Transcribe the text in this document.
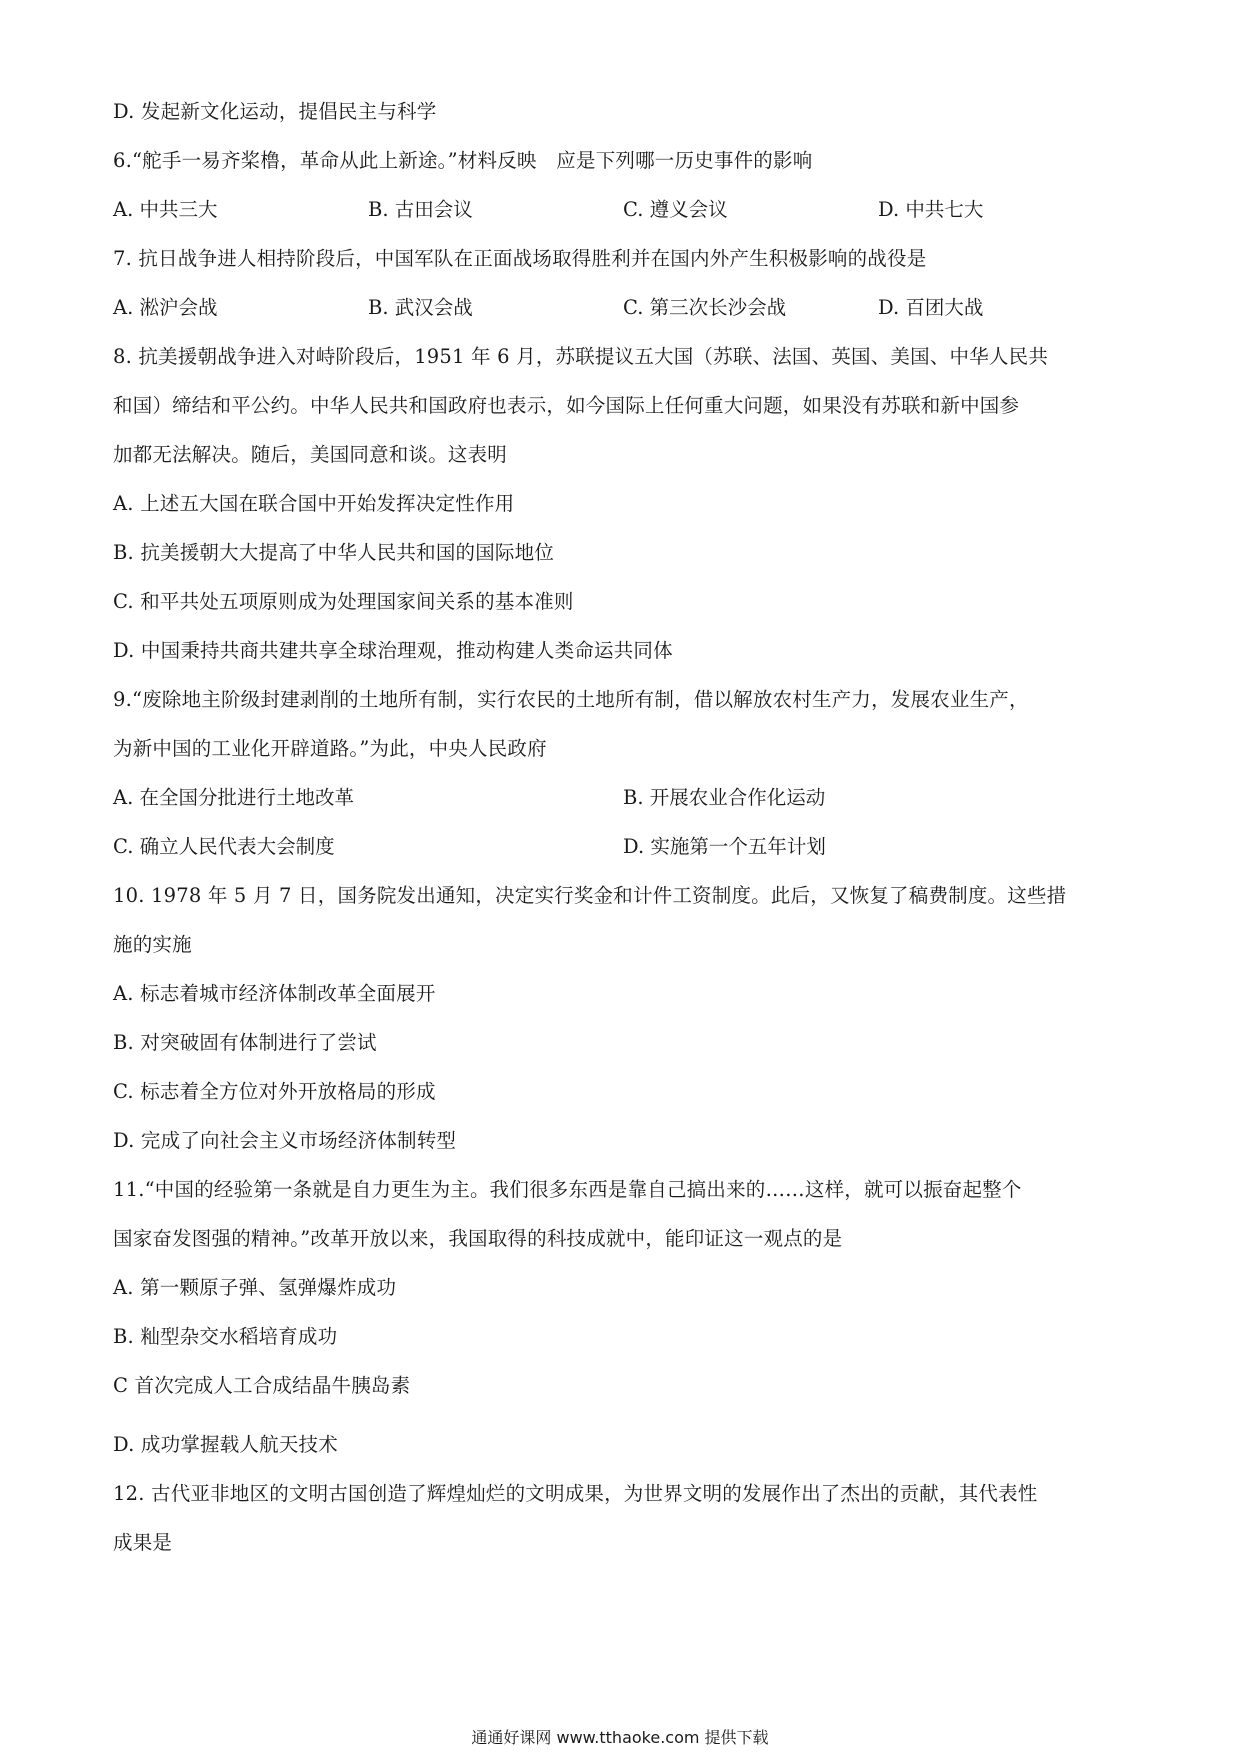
D. 发起新文化运动，提倡民主与科学
6.“舵手一易齐桨橹，革命从此上新途。”材料反映　应是下列哪一历史事件的影响
A. 中共三大	B. 古田会议	C. 遵义会议	D. 中共七大
7. 抗日战争进人相持阶段后，中国军队在正面战场取得胜利并在国内外产生积极影响的战役是
A. 淞沪会战	B. 武汉会战	C. 第三次长沙会战	D. 百团大战
8. 抗美援朝战争进入对峙阶段后，1951 年 6 月，苏联提议五大国（苏联、法国、英国、美国、中华人民共
和国）缔结和平公约。中华人民共和国政府也表示，如今国际上任何重大问题，如果没有苏联和新中国参
加都无法解决。随后，美国同意和谈。这表明
A. 上述五大国在联合国中开始发挥决定性作用
B. 抗美援朝大大提高了中华人民共和国的国际地位
C. 和平共处五项原则成为处理国家间关系的基本准则
D. 中国秉持共商共建共享全球治理观，推动构建人类命运共同体
9.“废除地主阶级封建剥削的土地所有制，实行农民的土地所有制，借以解放农村生产力，发展农业生产，
为新中国的工业化开辟道路。”为此，中央人民政府
A. 在全国分批进行土地改革	B. 开展农业合作化运动
C. 确立人民代表大会制度	D. 实施第一个五年计划
10. 1978 年 5 月 7 日，国务院发出通知，决定实行奖金和计件工资制度。此后，又恢复了稿费制度。这些措
施的实施
A. 标志着城市经济体制改革全面展开
B. 对突破固有体制进行了尝试
C. 标志着全方位对外开放格局的形成
D. 完成了向社会主义市场经济体制转型
11.“中国的经验第一条就是自力更生为主。我们很多东西是靠自己搞出来的……这样，就可以振奋起整个
国家奋发图强的精神。”改革开放以来，我国取得的科技成就中，能印证这一观点的是
A. 第一颗原子弹、氢弹爆炸成功
B. 籼型杂交水稻培育成功
C 首次完成人工合成结晶牛胰岛素
D. 成功掌握载人航天技术
12. 古代亚非地区的文明古国创造了辉煌灿烂的文明成果，为世界文明的发展作出了杰出的贡献，其代表性
成果是
通通好课网 www.tthaoke.com 提供下载
